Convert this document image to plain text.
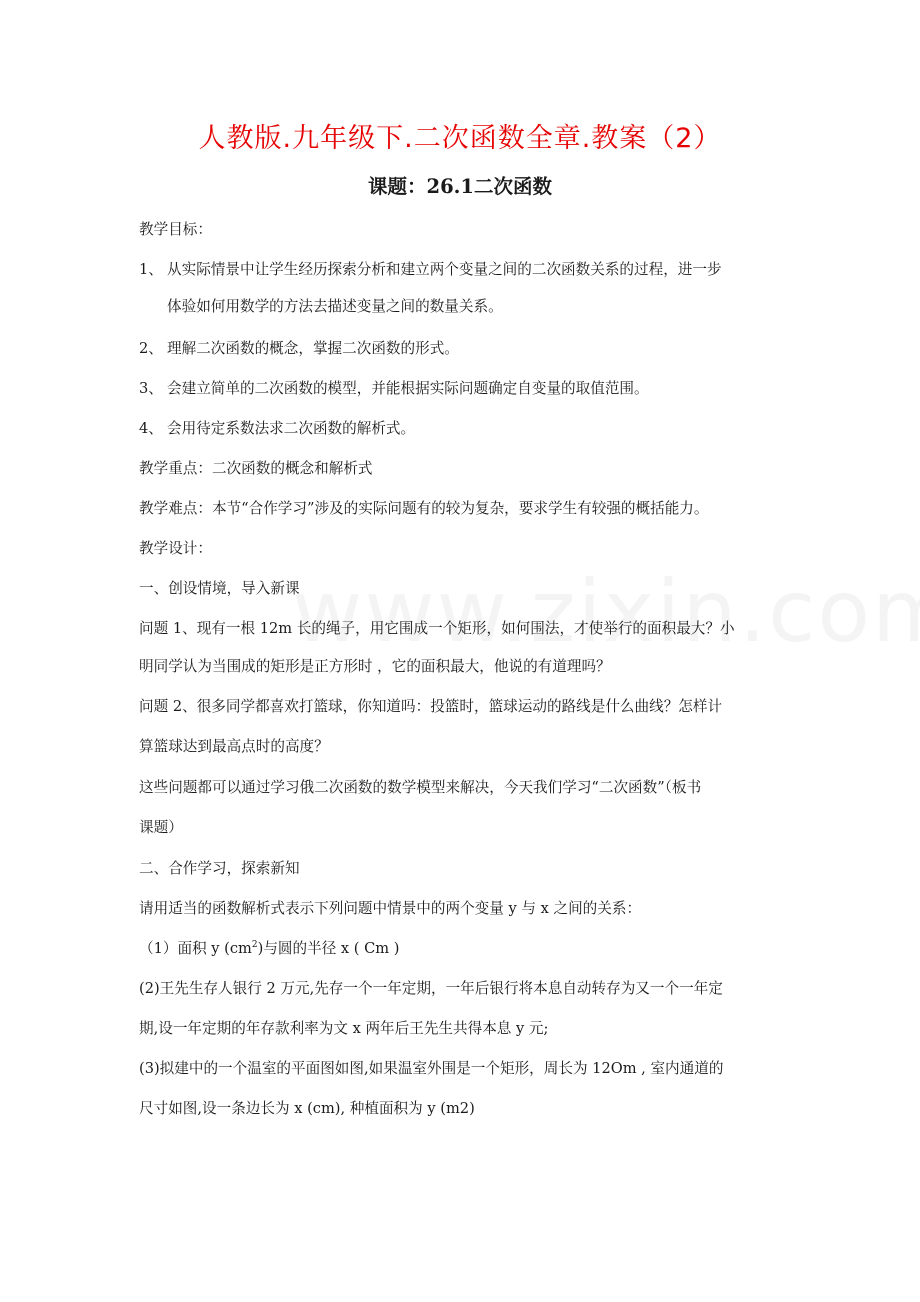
人教版.九年级下.二次函数全章.教案（2）
课题：26.1二次函数
教学目标：
1、 从实际情景中让学生经历探索分析和建立两个变量之间的二次函数关系的过程，进一步
体验如何用数学的方法去描述变量之间的数量关系。
2、 理解二次函数的概念，掌握二次函数的形式。
3、 会建立简单的二次函数的模型，并能根据实际问题确定自变量的取值范围。
4、 会用待定系数法求二次函数的解析式。
教学重点：二次函数的概念和解析式
教学难点：本节“合作学习”涉及的实际问题有的较为复杂，要求学生有较强的概括能力。
教学设计：
一、创设情境，导入新课
问题 1、现有一根 12m 长的绳子，用它围成一个矩形，如何围法，才使举行的面积最大？小
明同学认为当围成的矩形是正方形时 ，它的面积最大，他说的有道理吗？
问题 2、很多同学都喜欢打篮球，你知道吗：投篮时，篮球运动的路线是什么曲线？怎样计
算篮球达到最高点时的高度？
这些问题都可以通过学习俄二次函数的数学模型来解决，今天我们学习“二次函数”（板书
课题）
二、合作学习，探索新知
请用适当的函数解析式表示下列问题中情景中的两个变量 y 与 x 之间的关系：
（1）面积 y $(cm^2)$与圆的半径 x ( Cm )
(2)王先生存人银行 2 万元,先存一个一年定期，一年后银行将本息自动转存为又一个一年定
期,设一年定期的年存款利率为文 x 两年后王先生共得本息 y 元;
(3)拟建中的一个温室的平面图如图,如果温室外围是一个矩形，周长为 12Om , 室内通道的
尺寸如图,设一条边长为 x (cm), 种植面积为 y (m2)
